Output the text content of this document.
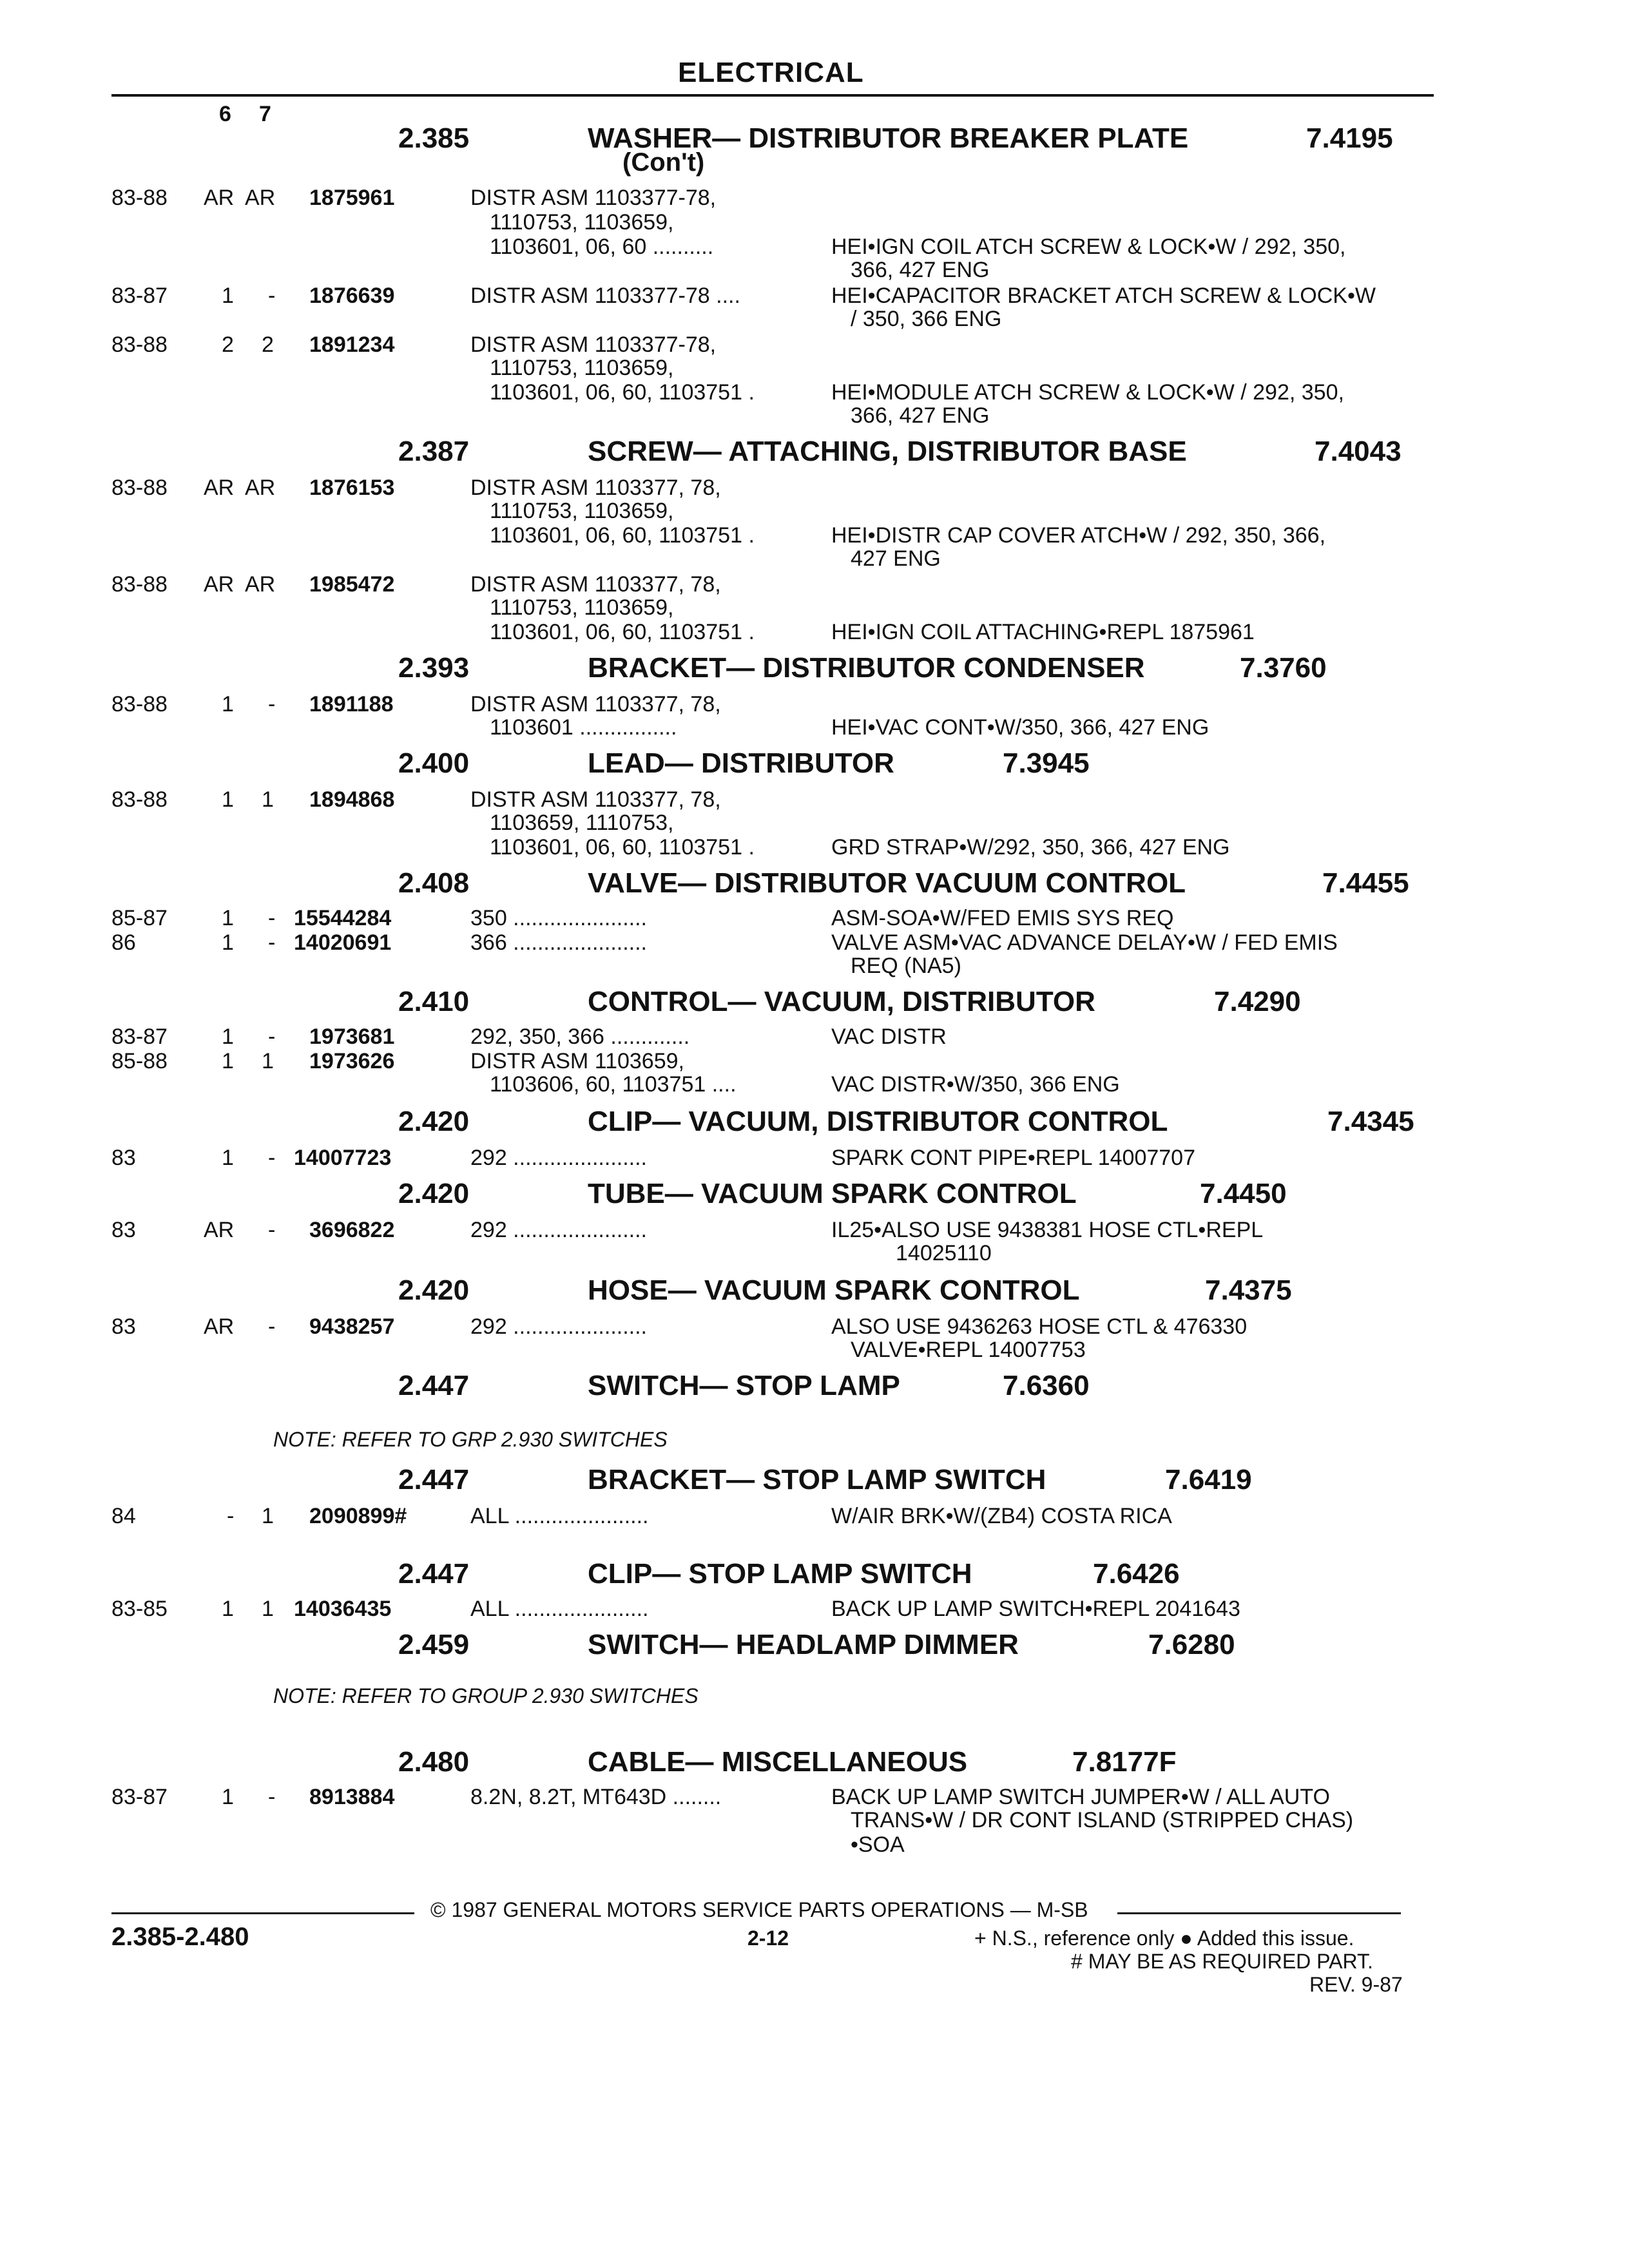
ELECTRICAL
6 7
2.385	WASHER— DISTRIBUTOR BREAKER PLATE	7.4195
(Con't)
83-88 AR AR 1875961	DISTR ASM 1103377-78,
1110753, 1103659,
1103601, 06, 60 ..........	HEI•IGN COIL ATCH SCREW & LOCK•W / 292, 350,
366, 427 ENG
83-87 1 - 1876639	DISTR ASM 1103377-78 ....	HEI•CAPACITOR BRACKET ATCH SCREW & LOCK•W
/ 350, 366 ENG
83-88 2 2 1891234	DISTR ASM 1103377-78,
1110753, 1103659,
1103601, 06, 60, 1103751 .	HEI•MODULE ATCH SCREW & LOCK•W / 292, 350,
366, 427 ENG
2.387	SCREW— ATTACHING, DISTRIBUTOR BASE	7.4043
83-88 AR AR 1876153	DISTR ASM 1103377, 78,
1110753, 1103659,
1103601, 06, 60, 1103751 .	HEI•DISTR CAP COVER ATCH•W / 292, 350, 366,
427 ENG
83-88 AR AR 1985472	DISTR ASM 1103377, 78,
1110753, 1103659,
1103601, 06, 60, 1103751 .	HEI•IGN COIL ATTACHING•REPL 1875961
2.393	BRACKET— DISTRIBUTOR CONDENSER	7.3760
83-88 1 - 1891188	DISTR ASM 1103377, 78,
1103601 ................	HEI•VAC CONT•W/350, 366, 427 ENG
2.400	LEAD— DISTRIBUTOR	7.3945
83-88 1 1 1894868	DISTR ASM 1103377, 78,
1103659, 1110753,
1103601, 06, 60, 1103751 .	GRD STRAP•W/292, 350, 366, 427 ENG
2.408	VALVE— DISTRIBUTOR VACUUM CONTROL	7.4455
85-87 1 - 15544284	350 ......................	ASM-SOA•W/FED EMIS SYS REQ
86	1 - 14020691	366 ......................	VALVE ASM•VAC ADVANCE DELAY•W / FED EMIS
REQ (NA5)
2.410	CONTROL— VACUUM, DISTRIBUTOR	7.4290
83-87 1 - 1973681	292, 350, 366 .............	VAC DISTR
85-88 1 1 1973626	DISTR ASM 1103659,
1103606, 60, 1103751 ....	VAC DISTR•W/350, 366 ENG
2.420	CLIP— VACUUM, DISTRIBUTOR CONTROL	7.4345
83	1 - 14007723	292 ......................	SPARK CONT PIPE•REPL 14007707
2.420	TUBE— VACUUM SPARK CONTROL	7.4450
83	AR - 3696822	292 ......................	IL25•ALSO USE 9438381 HOSE CTL•REPL
14025110
2.420	HOSE— VACUUM SPARK CONTROL	7.4375
83	AR - 9438257	292 ......................	ALSO USE 9436263 HOSE CTL & 476330
VALVE•REPL 14007753
2.447	SWITCH— STOP LAMP	7.6360
NOTE: REFER TO GRP 2.930 SWITCHES
2.447	BRACKET— STOP LAMP SWITCH	7.6419
84	- 1 2090899#	ALL ......................	W/AIR BRK•W/(ZB4) COSTA RICA
2.447	CLIP— STOP LAMP SWITCH	7.6426
83-85 1 1 14036435	ALL ......................	BACK UP LAMP SWITCH•REPL 2041643
2.459	SWITCH— HEADLAMP DIMMER	7.6280
NOTE: REFER TO GROUP 2.930 SWITCHES
2.480	CABLE— MISCELLANEOUS	7.8177F
83-87 1 - 8913884	8.2N, 8.2T, MT643D ........	BACK UP LAMP SWITCH JUMPER•W / ALL AUTO
TRANS•W / DR CONT ISLAND (STRIPPED CHAS)
•SOA
© 1987 GENERAL MOTORS SERVICE PARTS OPERATIONS — M-SB
2.385-2.480	2-12	+ N.S., reference only ● Added this issue.
# MAY BE AS REQUIRED PART.
REV. 9-87
